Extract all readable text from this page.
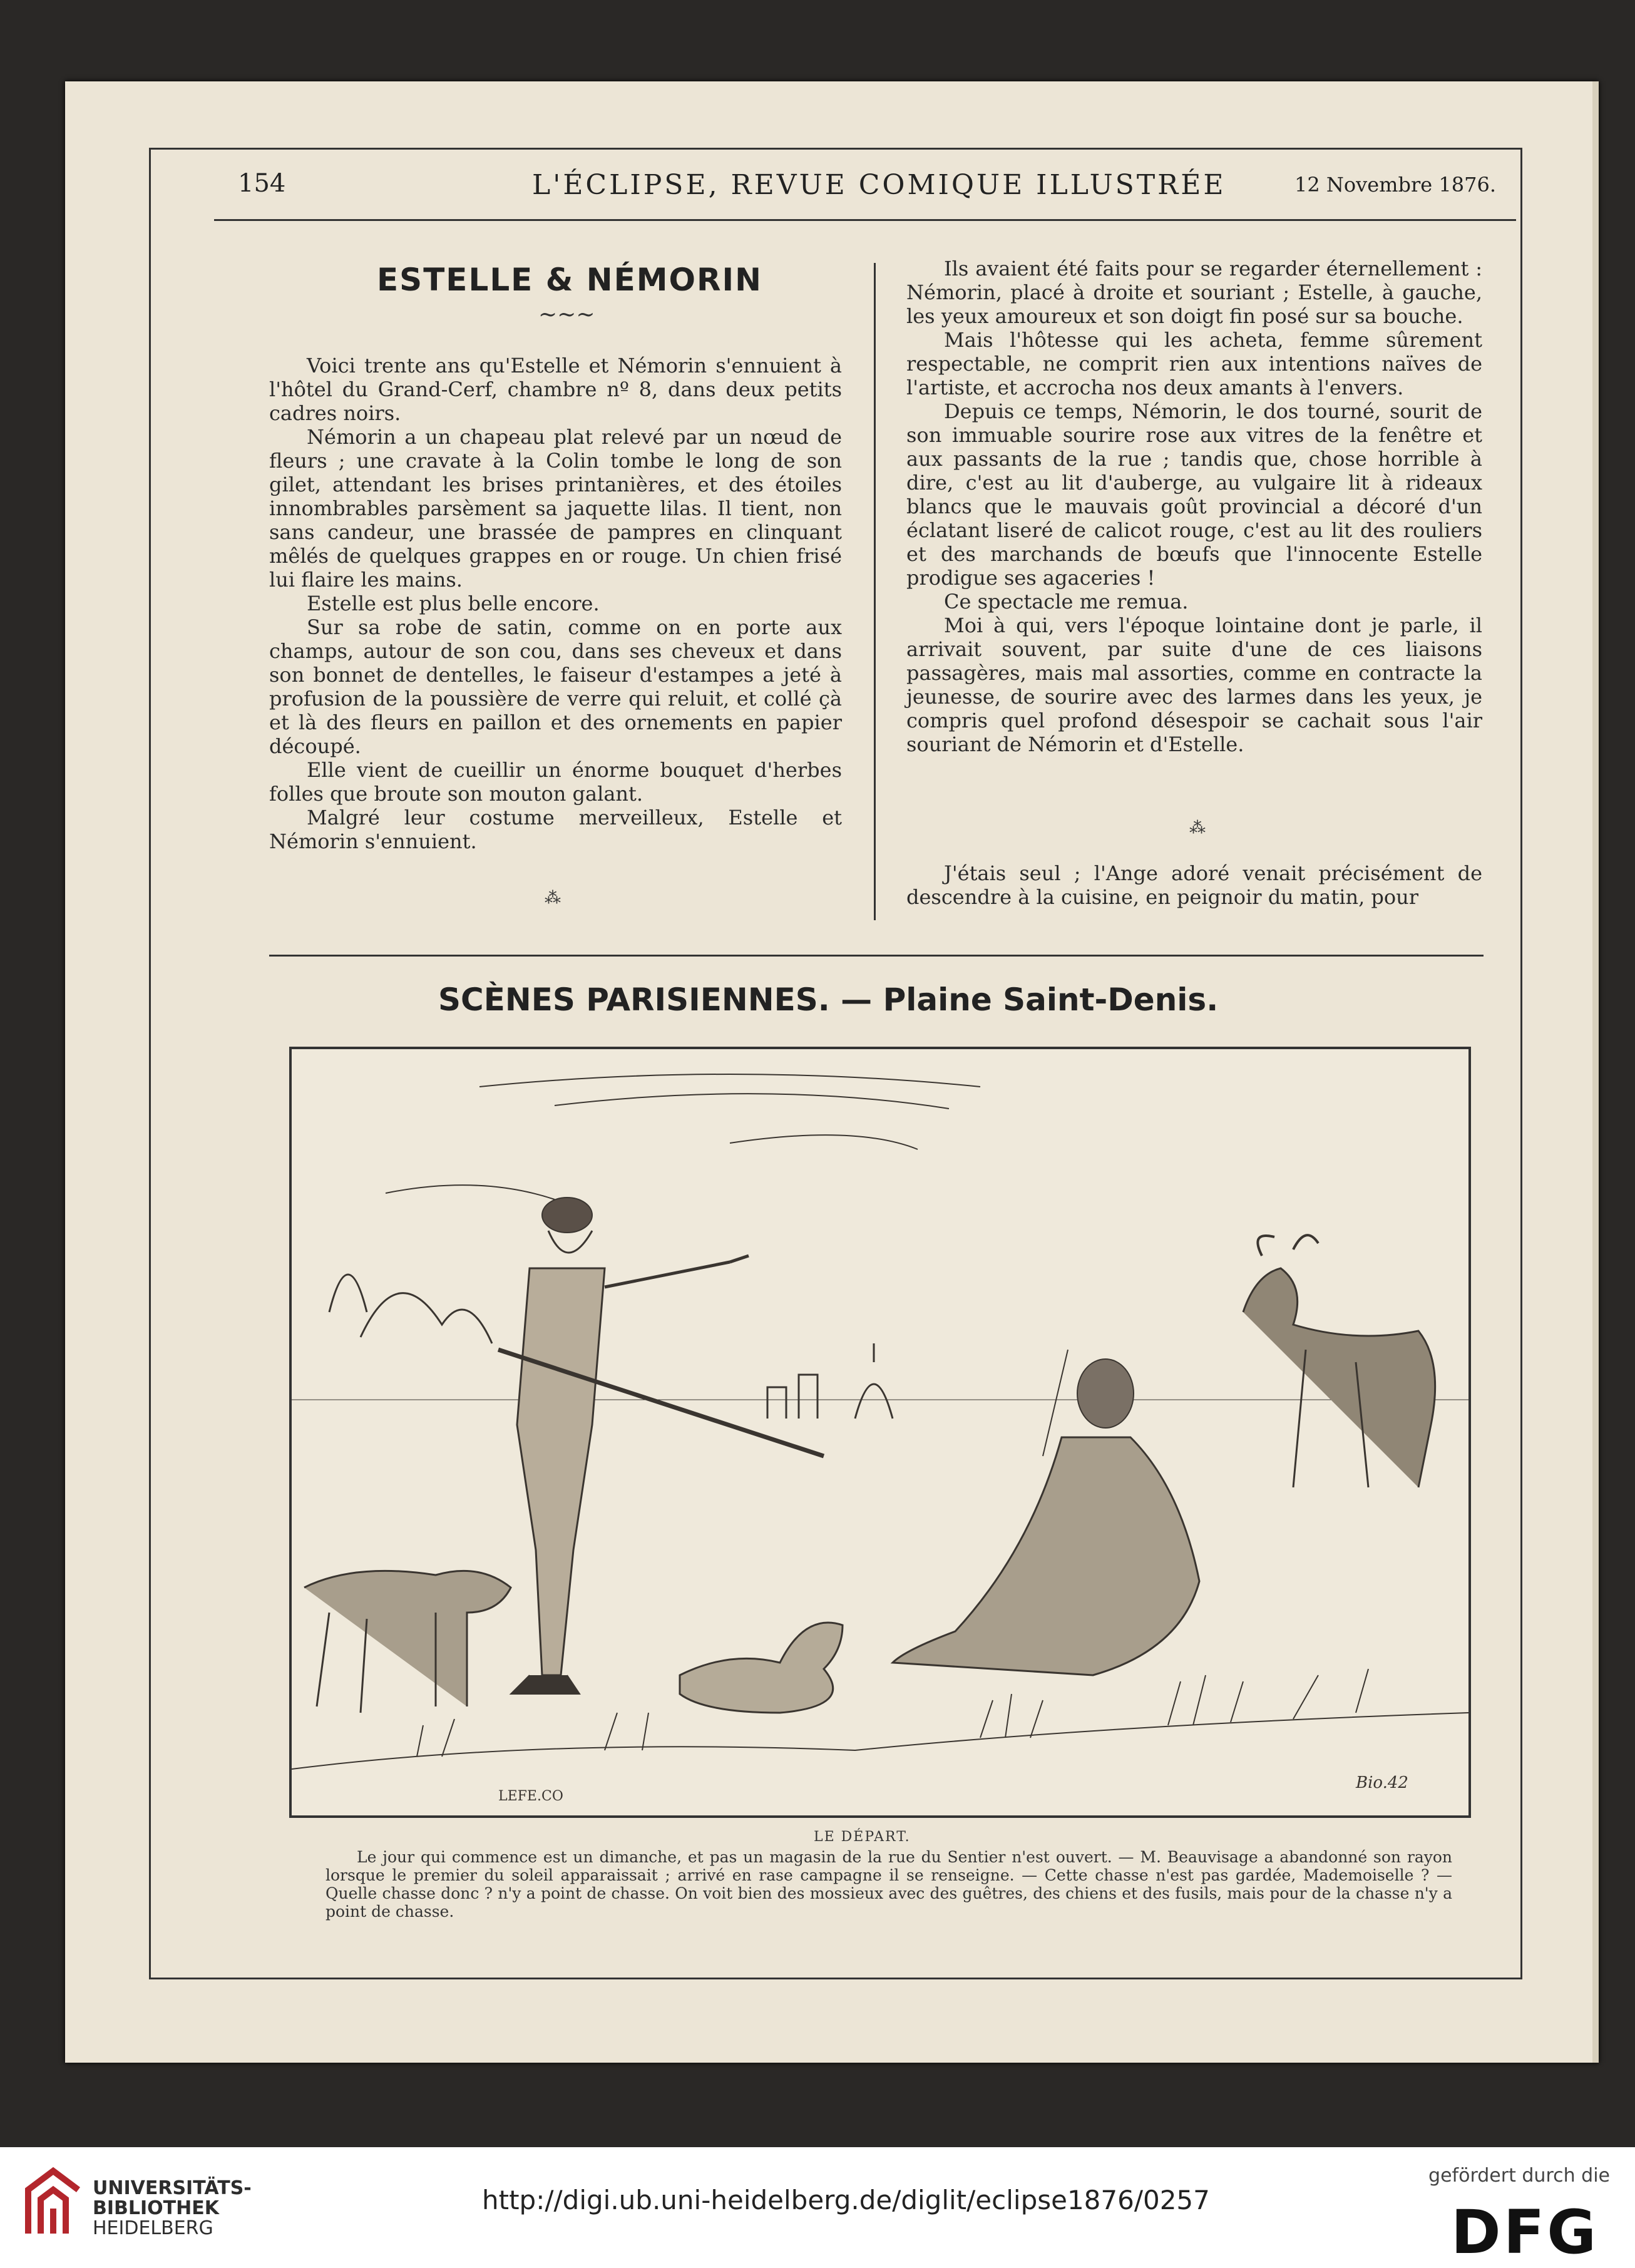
154	L'ÉCLIPSE, REVUE COMIQUE ILLUSTRÉE	12 Novembre 1876.
ESTELLE & NÉMORIN
~~~

Voici trente ans qu'Estelle et Némorin s'ennuient à l'hôtel du Grand-Cerf, chambre nº 8, dans deux petits cadres noirs.

Némorin a un chapeau plat relevé par un nœud de fleurs ; une cravate à la Colin tombe le long de son gilet, attendant les brises printanières, et des étoiles innombrables parsèment sa jaquette lilas. Il tient, non sans candeur, une brassée de pampres en clinquant mêlés de quelques grappes en or rouge. Un chien frisé lui flaire les mains.

Estelle est plus belle encore.

Sur sa robe de satin, comme on en porte aux champs, autour de son cou, dans ses cheveux et dans son bonnet de dentelles, le faiseur d'estampes a jeté à profusion de la poussière de verre qui reluit, et collé çà et là des fleurs en paillon et des ornements en papier découpé.

Elle vient de cueillir un énorme bouquet d'herbes folles que broute son mouton galant.

Malgré leur costume merveilleux, Estelle et Némorin s'ennuient.

⁂

Ils avaient été faits pour se regarder éternellement : Némorin, placé à droite et souriant ; Estelle, à gauche, les yeux amoureux et son doigt fin posé sur sa bouche.

Mais l'hôtesse qui les acheta, femme sûrement respectable, ne comprit rien aux intentions naïves de l'artiste, et accrocha nos deux amants à l'envers.

Depuis ce temps, Némorin, le dos tourné, sourit de son immuable sourire rose aux vitres de la fenêtre et aux passants de la rue ; tandis que, chose horrible à dire, c'est au lit d'auberge, au vulgaire lit à rideaux blancs que le mauvais goût provincial a décoré d'un éclatant liseré de calicot rouge, c'est au lit des rouliers et des marchands de bœufs que l'innocente Estelle prodigue ses agaceries !

Ce spectacle me remua.

Moi à qui, vers l'époque lointaine dont je parle, il arrivait souvent, par suite d'une de ces liaisons passagères, mais mal assorties, comme en contracte la jeunesse, de sourire avec des larmes dans les yeux, je compris quel profond désespoir se cachait sous l'air souriant de Némorin et d'Estelle.

⁂

J'étais seul ; l'Ange adoré venait précisément de descendre à la cuisine, en peignoir du matin, pour

SCÈNES PARISIENNES. — Plaine Saint-Denis.
LEFE.CO
Bio.42
LE DÉPART.

Le jour qui commence est un dimanche, et pas un magasin de la rue du Sentier n'est ouvert. — M. Beauvisage a abandonné son rayon lorsque le premier du soleil apparaissait ; arrivé en rase campagne il se renseigne. — Cette chasse n'est pas gardée, Mademoiselle ? — Quelle chasse donc ? n'y a point de chasse. On voit bien des mossieux avec des guêtres, des chiens et des fusils, mais pour de la chasse n'y a point de chasse.

UNIVERSITÄTS-
BIBLIOTHEK
HEIDELBERG
http://digi.ub.uni-heidelberg.de/diglit/eclipse1876/0257
gefördert durch die
DFG
